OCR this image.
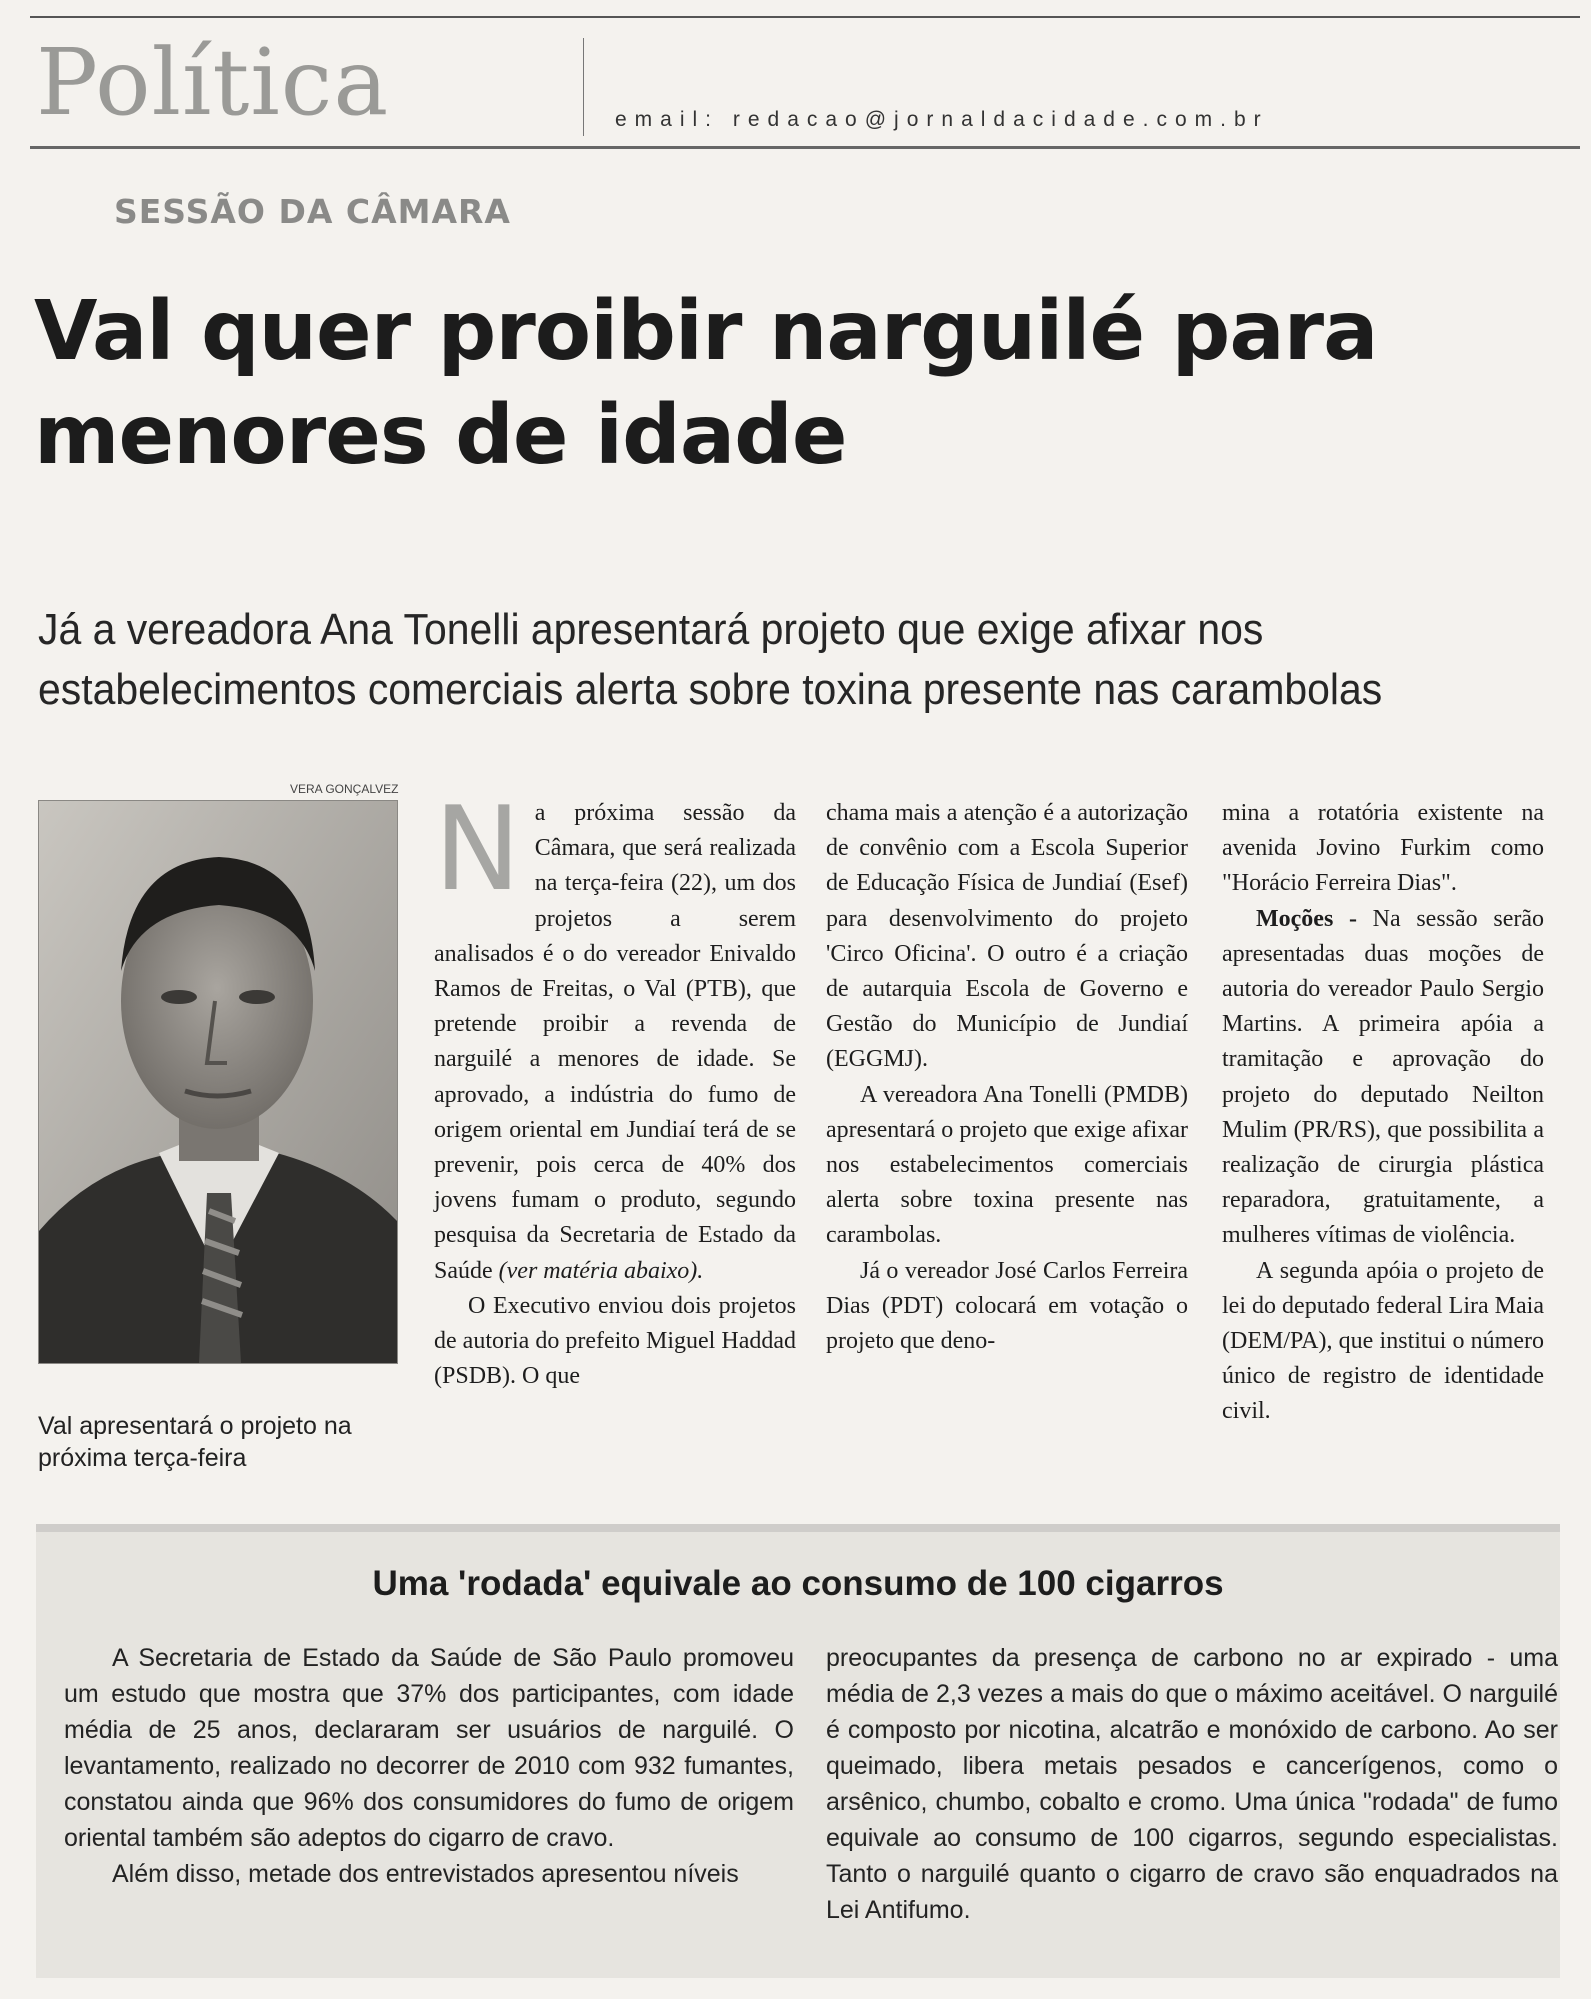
Política	email: redacao@jornaldacidade.com.br
SESSÃO DA CÂMARA
Val quer proibir narguilé para menores de idade
Já a vereadora Ana Tonelli apresentará projeto que exige afixar nos
estabelecimentos comerciais alerta sobre toxina presente nas carambolas
VERA GONÇALVEZ
Val apresentará o projeto na próxima terça-feira

Na próxima sessão da Câmara, que será realizada na terça-feira (22), um dos projetos a serem analisados é o do vereador Enivaldo Ramos de Freitas, o Val (PTB), que pretende proibir a revenda de narguilé a menores de idade. Se aprovado, a indústria do fumo de origem oriental em Jundiaí terá de se prevenir, pois cerca de 40% dos jovens fumam o produto, segundo pesquisa da Secretaria de Estado da Saúde (ver matéria abaixo).

O Executivo enviou dois projetos de autoria do prefeito Miguel Haddad (PSDB). O que

chama mais a atenção é a autorização de convênio com a Escola Superior de Educação Física de Jundiaí (Esef) para desenvolvimento do projeto 'Circo Oficina'. O outro é a criação de autarquia Escola de Governo e Gestão do Município de Jundiaí (EGGMJ).

A vereadora Ana Tonelli (PMDB) apresentará o projeto que exige afixar nos estabelecimentos comerciais alerta sobre toxina presente nas carambolas.

Já o vereador José Carlos Ferreira Dias (PDT) colocará em votação o projeto que deno-

mina a rotatória existente na avenida Jovino Furkim como "Horácio Ferreira Dias".

Moções - Na sessão serão apresentadas duas moções de autoria do vereador Paulo Sergio Martins. A primeira apóia a tramitação e aprovação do projeto do deputado Neilton Mulim (PR/RS), que possibilita a realização de cirurgia plástica reparadora, gratuitamente, a mulheres vítimas de violência.

A segunda apóia o projeto de lei do deputado federal Lira Maia (DEM/PA), que institui o número único de registro de identidade civil.

Uma 'rodada' equivale ao consumo de 100 cigarros

A Secretaria de Estado da Saúde de São Paulo promoveu um estudo que mostra que 37% dos participantes, com idade média de 25 anos, declararam ser usuários de narguilé. O levantamento, realizado no decorrer de 2010 com 932 fumantes, constatou ainda que 96% dos consumidores do fumo de origem oriental também são adeptos do cigarro de cravo.

Além disso, metade dos entrevistados apresentou níveis

preocupantes da presença de carbono no ar expirado - uma média de 2,3 vezes a mais do que o máximo aceitável. O narguilé é composto por nicotina, alcatrão e monóxido de carbono. Ao ser queimado, libera metais pesados e cancerígenos, como o arsênico, chumbo, cobalto e cromo. Uma única "rodada" de fumo equivale ao consumo de 100 cigarros, segundo especialistas. Tanto o narguilé quanto o cigarro de cravo são enquadrados na Lei Antifumo.
